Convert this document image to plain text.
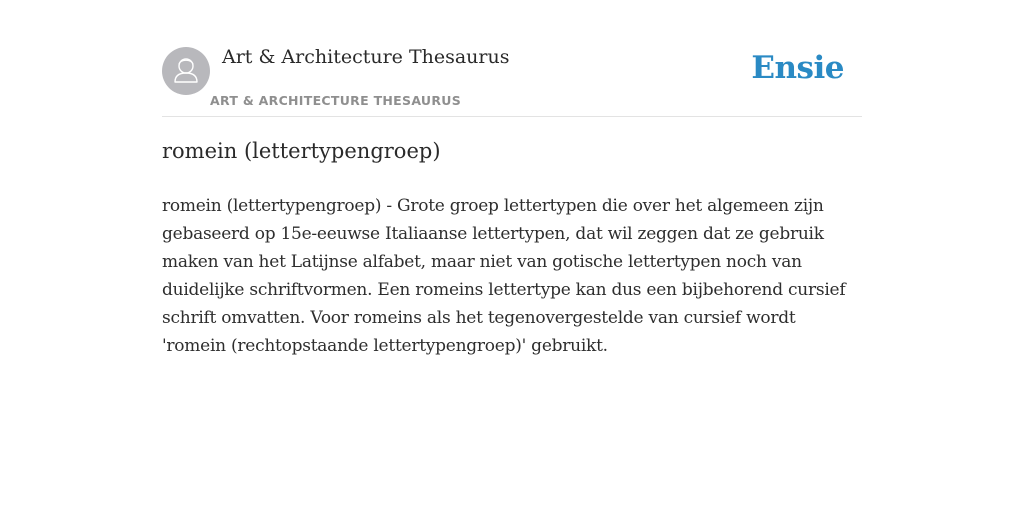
Art & Architecture Thesaurus
ART & ARCHITECTURE THESAURUS
Ensie
romein (lettertypengroep)

romein (lettertypengroep) - Grote groep lettertypen die over het algemeen zijn
gebaseerd op 15e-eeuwse Italiaanse lettertypen, dat wil zeggen dat ze gebruik
maken van het Latijnse alfabet, maar niet van gotische lettertypen noch van
duidelijke schriftvormen. Een romeins lettertype kan dus een bijbehorend cursief
schrift omvatten. Voor romeins als het tegenovergestelde van cursief wordt
'romein (rechtopstaande lettertypengroep)' gebruikt.
